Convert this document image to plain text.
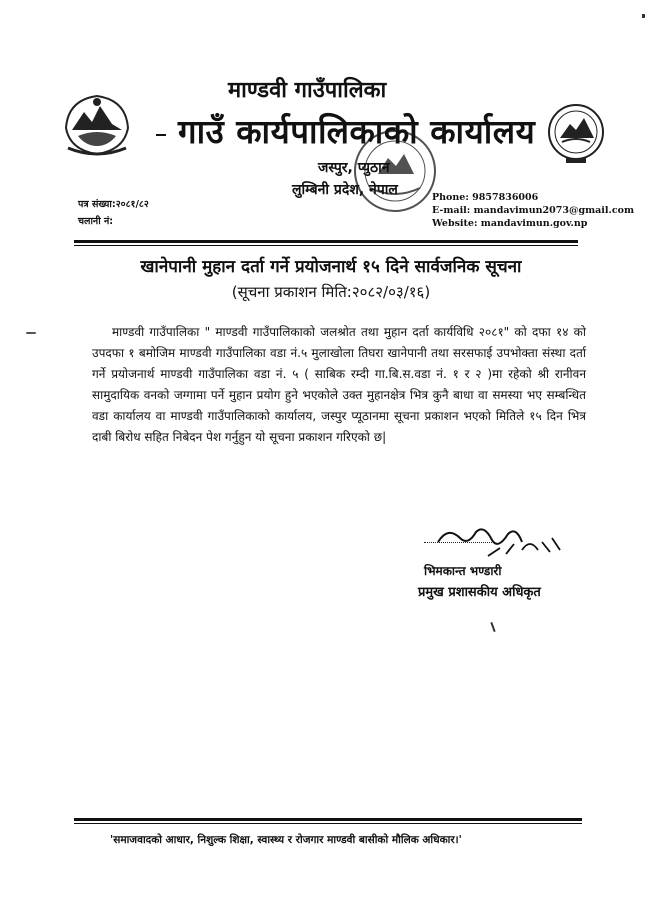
माण्डवी गाउँपालिका
गाउँ कार्यपालिकाको कार्यालय
जस्पुर, प्युठान
लुम्बिनी प्रदेश, नेपाल	Phone: 9857836006
E-mail: mandavimun2073@gmail.com
Website: mandavimun.gov.np
पत्र संख्या:२०८१/८२
चलानी नं:
खानेपानी मुहान दर्ता गर्ने प्रयोजनार्थ १५ दिने सार्वजनिक सूचना
(सूचना प्रकाशन मिति:२०८२/०३/१६)
माण्डवी गाउँपालिका " माण्डवी गाउँपालिकाको जलश्रोत तथा मुहान दर्ता कार्यविधि २०८१" को दफा १४ को उपदफा १ बमोजिम माण्डवी गाउँपालिका वडा नं.५ मुलाखोला तिघरा खानेपानी तथा सरसफाई उपभोक्ता संस्था दर्ता गर्ने प्रयोजनार्थ माण्डवी गाउँपालिका वडा नं. ५ ( साबिक रम्दी गा.बि.स.वडा नं. १ र २ )मा रहेको श्री रानीवन सामुदायिक वनको जग्गामा पर्ने मुहान प्रयोग हुने भएकोले उक्त मुहानक्षेत्र भित्र कुनै बाधा वा समस्या भए सम्बन्धित वडा कार्यालय वा माण्डवी गाउँपालिकाको कार्यालय, जस्पुर प्यूठानमा सूचना प्रकाशन भएको मितिले १५ दिन भित्र दाबी बिरोध सहित निबेदन पेश गर्नुहुन यो सूचना प्रकाशन गरिएको छ|
भिमकान्त भण्डारी
प्रमुख प्रशासकीय अधिकृत
'समाजवादको आधार, निशुल्क शिक्षा, स्वास्थ्य र रोजगार माण्डवी बासीको मौलिक अधिकार।'
